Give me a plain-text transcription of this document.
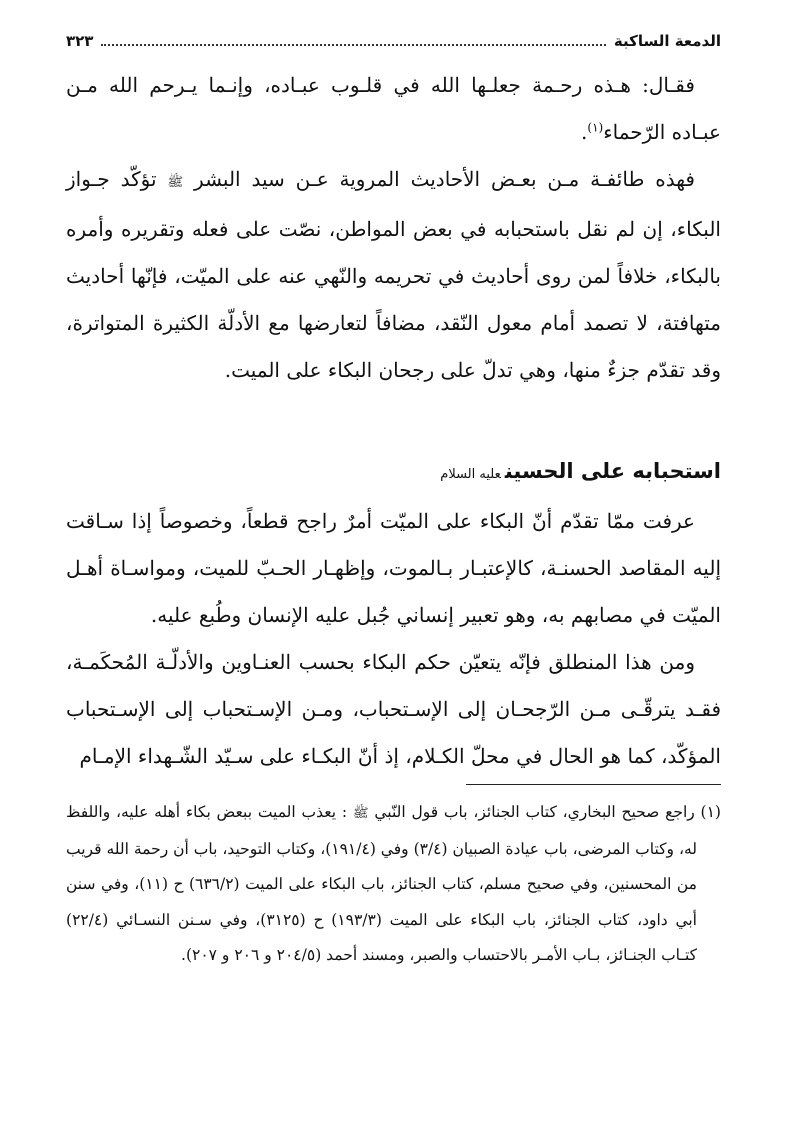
الدمعة الساكبة
٣٢٣

فقـال: هـذه رحـمة جعلـها الله في قلـوب عبـاده، وإنـما يـرحم الله مـن عبـاده الرّحماء$^{(١)}$.

فهذه طائفـة مـن بعـض الأحاديث المروية عـن سيد البشر ﷺ تؤكّد جـواز البكاء، إن لم نقل باستحبابه في بعض المواطن، نصّت على فعله وتقريره وأمره بالبكاء، خلافاً لمن روى أحاديث في تحريمه والنّهي عنه على الميّت، فإنّها أحاديث متهافتة، لا تصمد أمام معول النّقد، مضافاً لتعارضها مع الأدلّة الكثيرة المتواترة، وقد تقدّم جزءٌ منها، وهي تدلّ على رجحان البكاء على الميت.

استحبابه على الحسينعليه السلام

عرفت ممّا تقدّم أنّ البكاء على الميّت أمرٌ راجح قطعاً، وخصوصاً إذا سـاقت إليه المقاصد الحسنـة، كالإعتبـار بـالموت، وإظهـار الحـبّ للميت، ومواسـاة أهـل الميّت في مصابهم به، وهو تعبير إنساني جُبل عليه الإنسان وطُبع عليه.

ومن هذا المنطلق فإنّه يتعيّن حكم البكاء بحسب العنـاوين والأدلّـة المُحكَمـة، فقـد يترقّـى مـن الرّجحـان إلى الإسـتحباب، ومـن الإسـتحباب إلى الإسـتحباب المؤكّد، كما هو الحال في محلّ الكـلام، إذ أنّ البكـاء على سـيّد الشّـهداء الإمـام

(١) راجع صحيح البخاري، كتاب الجنائز، باب قول النّبي ﷺ : يعذب الميت ببعض بكاء أهله عليه، واللفظ له، وكتاب المرضى، باب عيادة الصبيان (٣/٤) وفي (١٩١/٤)، وكتاب التوحيد، باب أن رحمة الله قريب من المحسنين، وفي صحيح مسلم، كتاب الجنائز، باب البكاء على الميت (٦٣٦/٢) ح (١١)، وفي سنن أبي داود، كتاب الجنائز، باب البكاء على الميت (١٩٣/٣) ح (٣١٢٥)، وفي سـنن النسـائي (٢٢/٤) كتـاب الجنـائز، بـاب الأمـر بالاحتساب والصبر، ومسند أحمد (٢٠٤/٥ و ٢٠٦ و ٢٠٧).
